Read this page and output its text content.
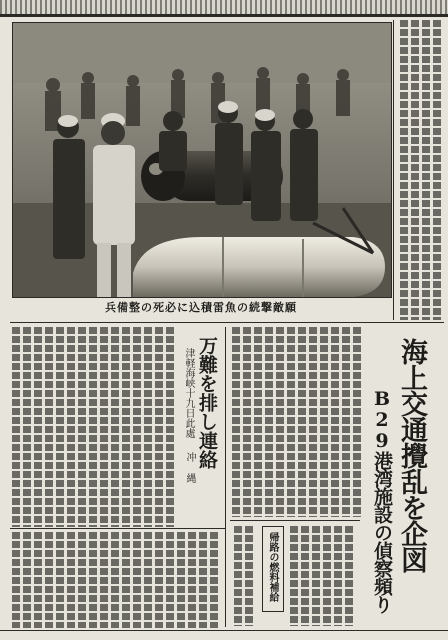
兵備整の死必に込積雷魚の続撃敵願
万難を排し連絡
津軽海峡十九日此處
冲 縄	海上交通攪乱を企図
B29港湾施設の偵察頻り
帰路の燃料補給
